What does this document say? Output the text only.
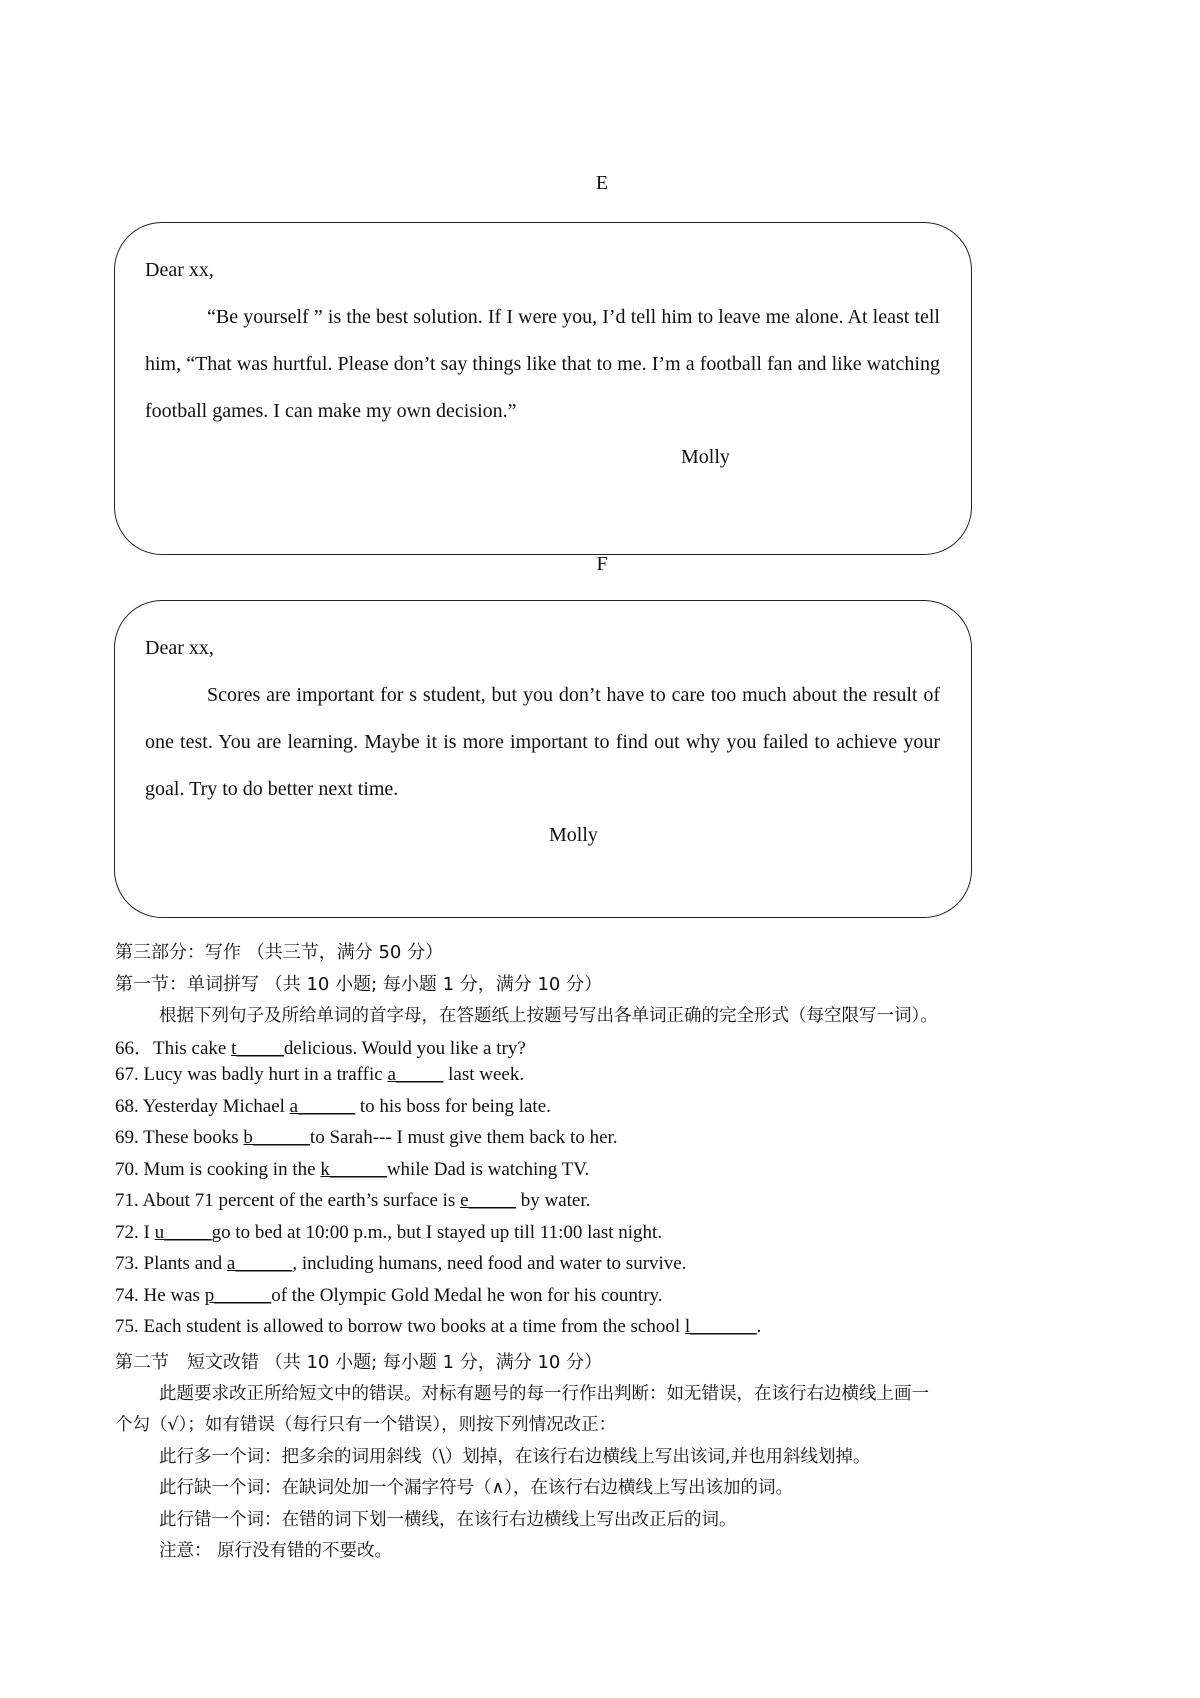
E

Dear xx,

“Be yourself ” is the best solution. If I were you, I’d tell him to leave me alone. At least tell him, “That was hurtful. Please don’t say things like that to me. I’m a football fan and like watching football games. I can make my own decision.”

Molly
F

Dear xx,

Scores are important for s student, but you don’t have to care too much about the result of one test. You are learning. Maybe it is more important to find out why you failed to achieve your goal. Try to do better next time.

Molly
第三部分：写作 （共三节，满分 50 分）
第一节：单词拼写 （共 10 小题; 每小题 1 分，满分 10 分）
根据下列句子及所给单词的首字母，在答题纸上按题号写出各单词正确的完全形式（每空限写一词）。
66．This cake t_____delicious. Would you like a try?
67. Lucy was badly hurt in a traffic a_____ last week.
68. Yesterday Michael a______ to his boss for being late.
69. These books b______to Sarah--- I must give them back to her.
70. Mum is cooking in the k______while Dad is watching TV.
71. About 71 percent of the earth’s surface is e_____ by water.
72. I u_____go to bed at 10:00 p.m., but I stayed up till 11:00 last night.
73. Plants and a______, including humans, need food and water to survive.
74. He was p______of the Olympic Gold Medal he won for his country.
75. Each student is allowed to borrow two books at a time from the school l_______.
第二节　短文改错 （共 10 小题; 每小题 1 分，满分 10 分）
此题要求改正所给短文中的错误。对标有题号的每一行作出判断：如无错误，在该行右边横线上画一
个勾（√）；如有错误（每行只有一个错误），则按下列情况改正：
此行多一个词：把多余的词用斜线（\）划掉，在该行右边横线上写出该词,并也用斜线划掉。
此行缺一个词：在缺词处加一个漏字符号（∧），在该行右边横线上写出该加的词。
此行错一个词：在错的词下划一横线，在该行右边横线上写出改正后的词。
注意： 原行没有错的不要改。
